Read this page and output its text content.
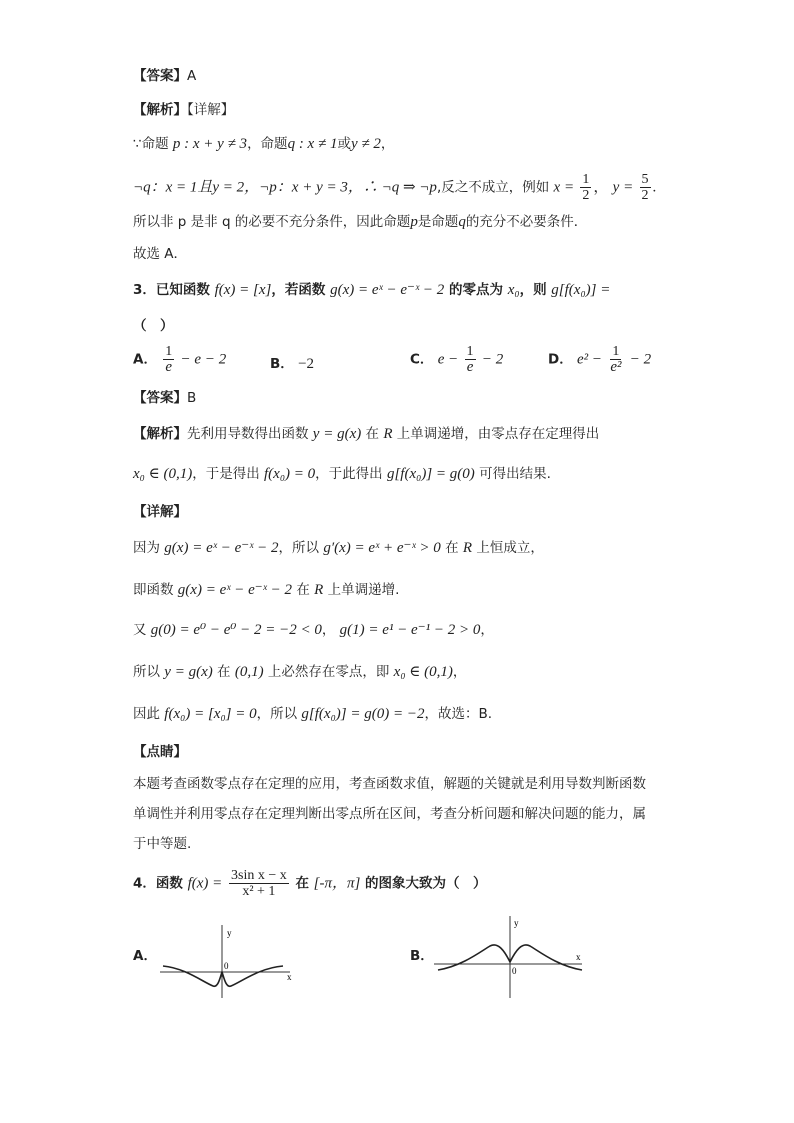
【答案】A
【解析】【详解】
∵命题 p : x + y ≠ 3，命题q : x ≠ 1或y ≠ 2，
¬q：x = 1且y = 2，¬p：x + y = 3，∴ ¬q ⇒ ¬p,反之不成立，例如 $x = \frac{1}{2}$ ， $y = \frac{5}{2}$ .
所以非 p 是非 q 的必要不充分条件，因此命题p是命题q的充分不必要条件．
故选 A．
3．已知函数 f(x) = [x]，若函数 g(x) = eˣ − e⁻ˣ − 2 的零点为 x₀，则 g[f(x₀)] =
（　）
A． $\frac{1}{e} - e - 2$	B． −2	C． $e - \frac{1}{e} - 2$	D． $e^2 - \frac{1}{\text{e²}} - 2$
【答案】B
【解析】先利用导数得出函数 y = g(x) 在 R 上单调递增，由零点存在定理得出
x₀ ∈ (0,1)，于是得出 f(x₀) = 0，于此得出 g[f(x₀)] = g(0) 可得出结果.
【详解】
因为 g(x) = eˣ − e⁻ˣ − 2，所以 g′(x) = eˣ + e⁻ˣ > 0 在 R 上恒成立，
即函数 g(x) = eˣ − e⁻ˣ − 2 在 R 上单调递增.
又 g(0) = e⁰ − e⁰ − 2 = −2 < 0， g(1) = e¹ − e⁻¹ − 2 > 0，
所以 y = g(x) 在 (0,1) 上必然存在零点，即 x₀ ∈ (0,1)，
因此 f(x₀) = [x₀] = 0，所以 g[f(x₀)] = g(0) = −2，故选：B.
【点睛】
本题考查函数零点存在定理的应用，考查函数求值，解题的关键就是利用导数判断函数
单调性并利用零点存在定理判断出零点所在区间，考查分析问题和解决问题的能力，属
于中等题.
4．函数 $f(x) = \frac{\text{3sin x − x}}{\text{x² + 1}}$ 在 [-π，π] 的图象大致为（　）
A．
y
0
x
B．
y
0
x
